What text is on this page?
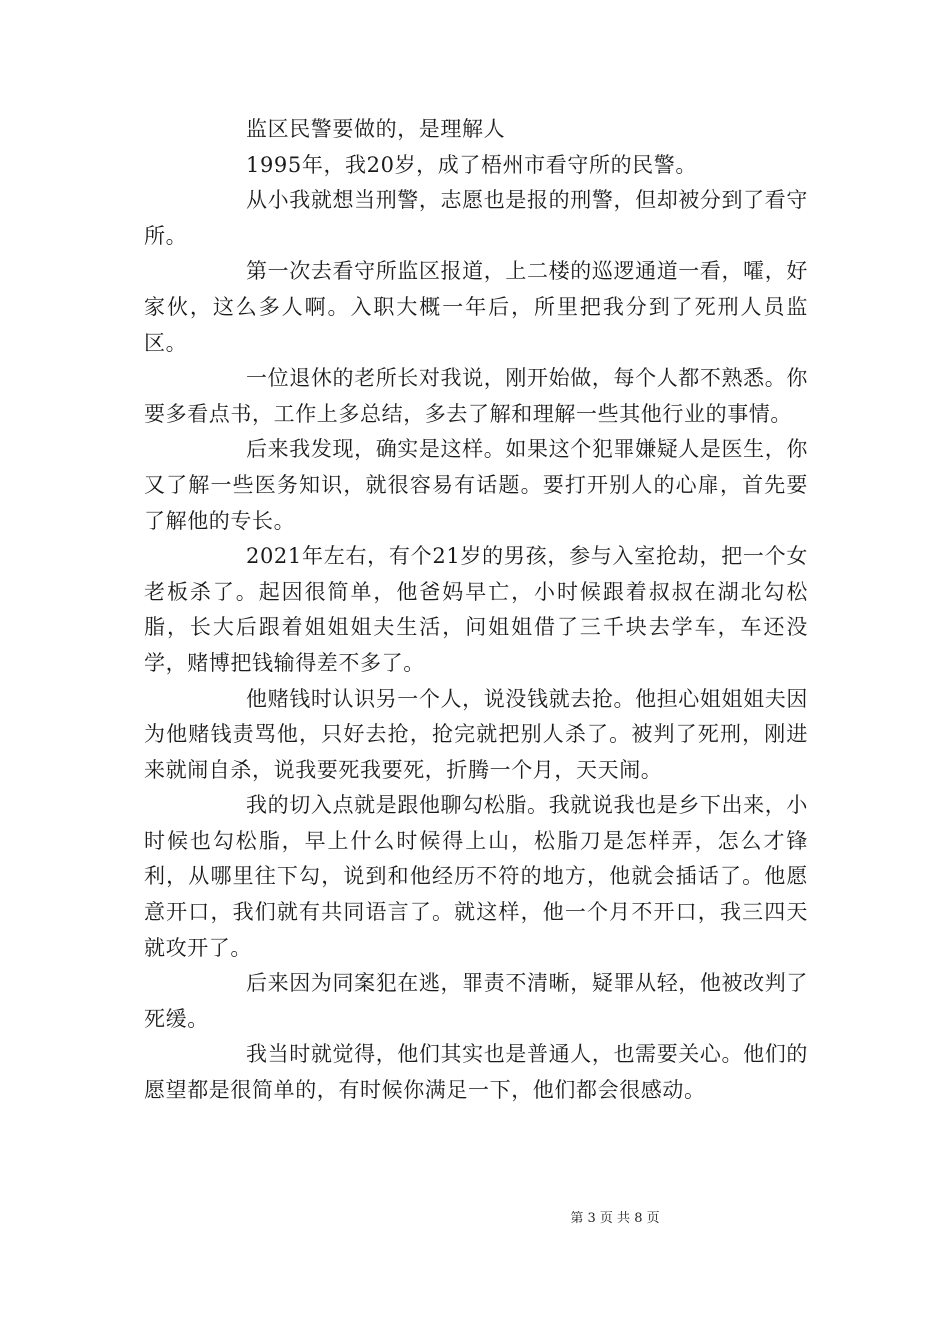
监区民警要做的，是理解人

1995年，我20岁，成了梧州市看守所的民警。

从小我就想当刑警，志愿也是报的刑警，但却被分到了看守所。

第一次去看守所监区报道，上二楼的巡逻通道一看，嚯，好家伙，这么多人啊。入职大概一年后，所里把我分到了死刑人员监区。

一位退休的老所长对我说，刚开始做，每个人都不熟悉。你要多看点书，工作上多总结，多去了解和理解一些其他行业的事情。

后来我发现，确实是这样。如果这个犯罪嫌疑人是医生，你又了解一些医务知识，就很容易有话题。要打开别人的心扉，首先要了解他的专长。

2021年左右，有个21岁的男孩，参与入室抢劫，把一个女老板杀了。起因很简单，他爸妈早亡，小时候跟着叔叔在湖北勾松脂，长大后跟着姐姐姐夫生活，问姐姐借了三千块去学车，车还没学，赌博把钱输得差不多了。

他赌钱时认识另一个人，说没钱就去抢。他担心姐姐姐夫因为他赌钱责骂他，只好去抢，抢完就把别人杀了。被判了死刑，刚进来就闹自杀，说我要死我要死，折腾一个月，天天闹。

我的切入点就是跟他聊勾松脂。我就说我也是乡下出来，小时候也勾松脂，早上什么时候得上山，松脂刀是怎样弄，怎么才锋利，从哪里往下勾，说到和他经历不符的地方，他就会插话了。他愿意开口，我们就有共同语言了。就这样，他一个月不开口，我三四天就攻开了。

后来因为同案犯在逃，罪责不清晰，疑罪从轻，他被改判了死缓。

我当时就觉得，他们其实也是普通人，也需要关心。他们的愿望都是很简单的，有时候你满足一下，他们都会很感动。

第 3 页 共 8 页
